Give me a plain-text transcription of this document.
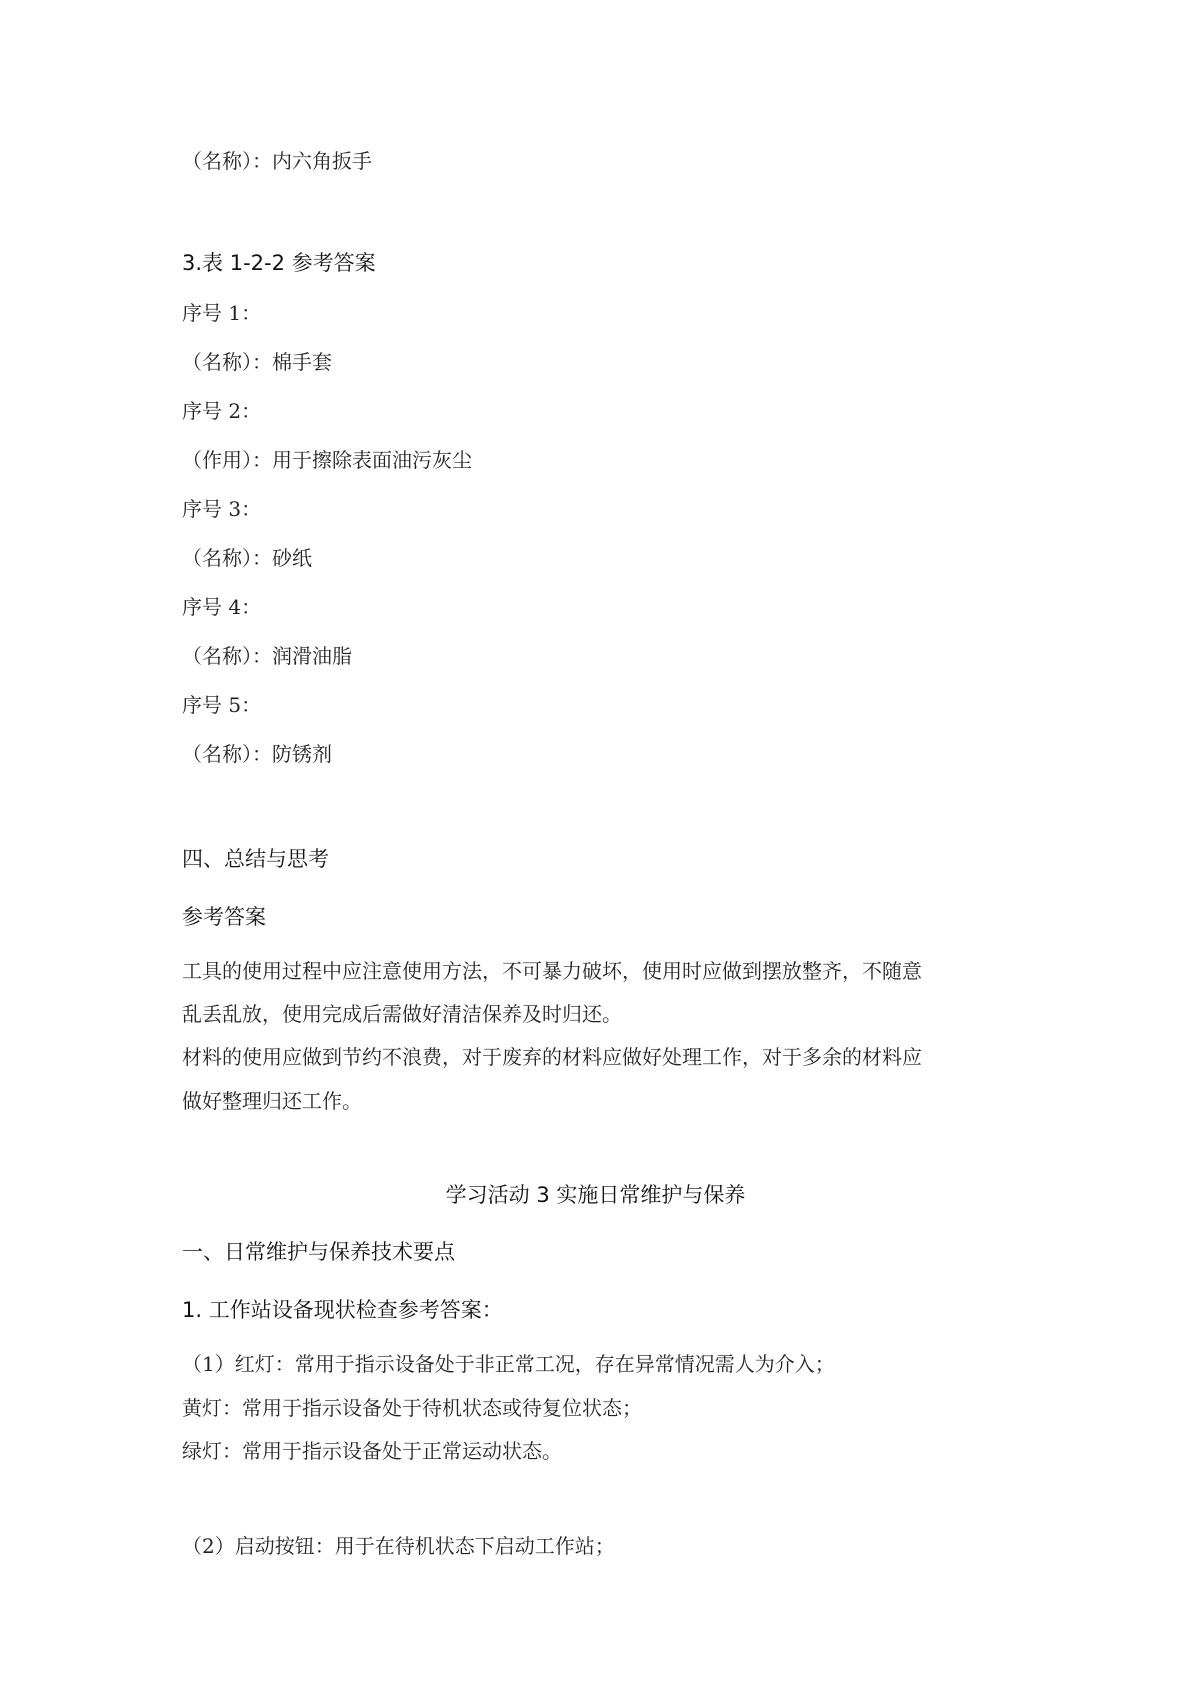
（名称）：内六角扳手
3.表 1-2-2 参考答案
序号 1：
（名称）：棉手套
序号 2：
（作用）：用于擦除表面油污灰尘
序号 3：
（名称）：砂纸
序号 4：
（名称）：润滑油脂
序号 5：
（名称）：防锈剂
四、总结与思考
参考答案
工具的使用过程中应注意使用方法，不可暴力破坏，使用时应做到摆放整齐，不随意
乱丢乱放，使用完成后需做好清洁保养及时归还。
材料的使用应做到节约不浪费，对于废弃的材料应做好处理工作，对于多余的材料应
做好整理归还工作。
学习活动 3 实施日常维护与保养
一、日常维护与保养技术要点
1. 工作站设备现状检查参考答案：
（1）红灯：常用于指示设备处于非正常工况，存在异常情况需人为介入；
黄灯：常用于指示设备处于待机状态或待复位状态；
绿灯：常用于指示设备处于正常运动状态。
（2）启动按钮：用于在待机状态下启动工作站；
